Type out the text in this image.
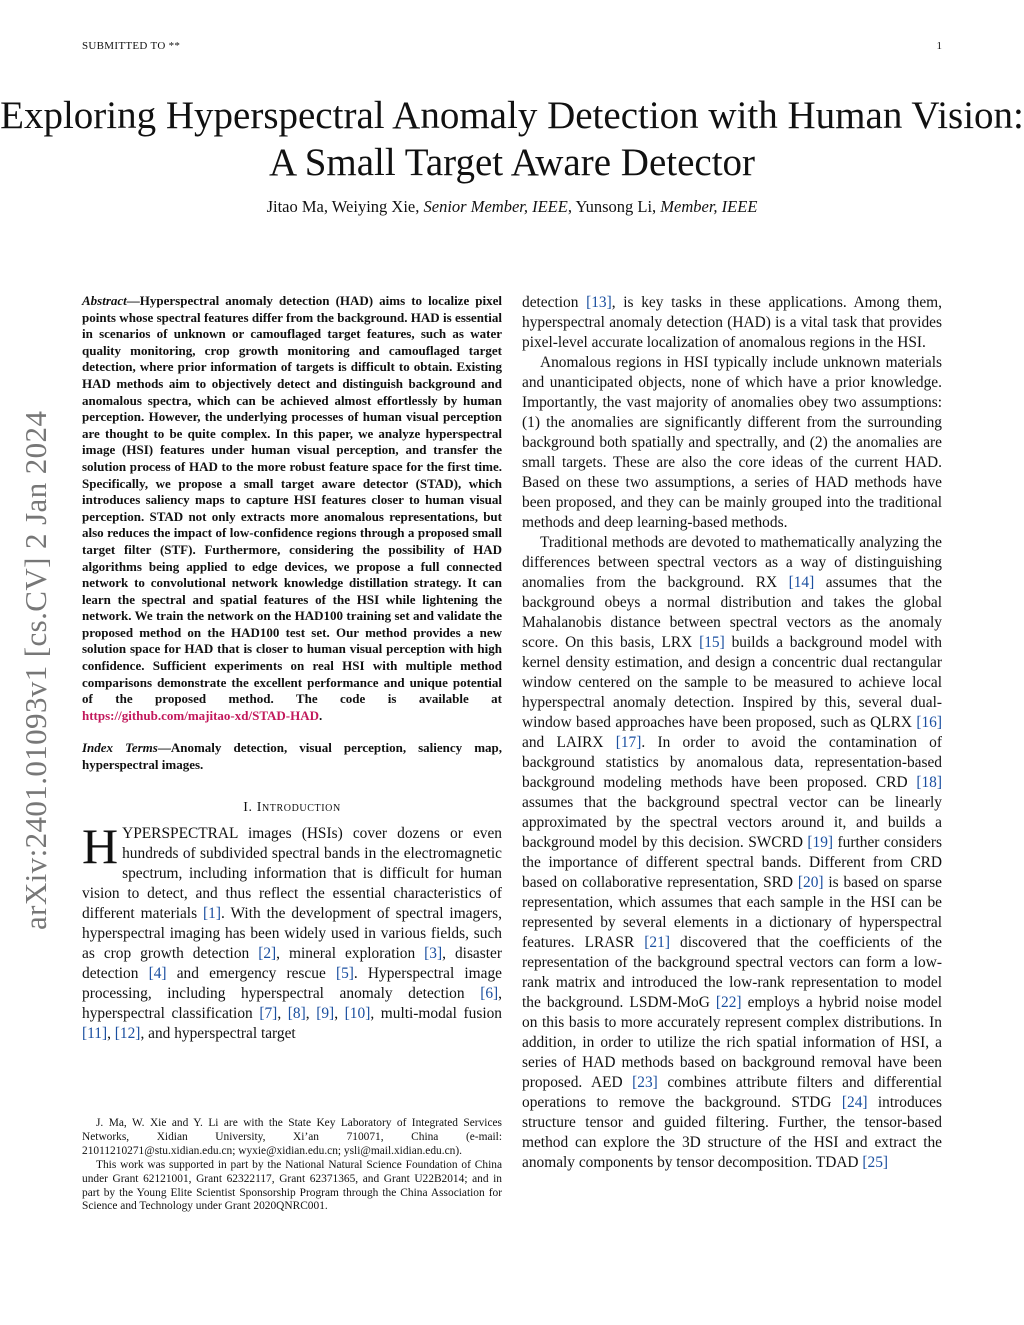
SUBMITTED TO **	1
Exploring Hyperspectral Anomaly Detection with Human Vision: A Small Target Aware Detector
Jitao Ma, Weiying Xie, Senior Member, IEEE, Yunsong Li, Member, IEEE
arXiv:2401.01093v1 [cs.CV] 2 Jan 2024

Abstract—Hyperspectral anomaly detection (HAD) aims to localize pixel points whose spectral features differ from the background. HAD is essential in scenarios of unknown or camouflaged target features, such as water quality monitoring, crop growth monitoring and camouflaged target detection, where prior information of targets is difficult to obtain. Existing HAD methods aim to objectively detect and distinguish background and anomalous spectra, which can be achieved almost effortlessly by human perception. However, the underlying processes of human visual perception are thought to be quite complex. In this paper, we analyze hyperspectral image (HSI) features under human visual perception, and transfer the solution process of HAD to the more robust feature space for the first time. Specifically, we propose a small target aware detector (STAD), which introduces saliency maps to capture HSI features closer to human visual perception. STAD not only extracts more anomalous representations, but also reduces the impact of low-confidence regions through a proposed small target filter (STF). Furthermore, considering the possibility of HAD algorithms being applied to edge devices, we propose a full connected network to convolutional network knowledge distillation strategy. It can learn the spectral and spatial features of the HSI while lightening the network. We train the network on the HAD100 training set and validate the proposed method on the HAD100 test set. Our method provides a new solution space for HAD that is closer to human visual perception with high confidence. Sufficient experiments on real HSI with multiple method comparisons demonstrate the excellent performance and unique potential of the proposed method. The code is available at https://github.com/majitao-xd/STAD-HAD.

Index Terms—Anomaly detection, visual perception, saliency map, hyperspectral images.

I. Introduction

HYPERSPECTRAL images (HSIs) cover dozens or even hundreds of subdivided spectral bands in the electromagnetic spectrum, including information that is difficult for human vision to detect, and thus reflect the essential characteristics of different materials [1]. With the development of spectral imagers, hyperspectral imaging has been widely used in various fields, such as crop growth detection [2], mineral exploration [3], disaster detection [4] and emergency rescue [5]. Hyperspectral image processing, including hyperspectral anomaly detection [6], hyperspectral classification [7], [8], [9], [10], multi-modal fusion [11], [12], and hyperspectral target

J. Ma, W. Xie and Y. Li are with the State Key Laboratory of Integrated Services Networks, Xidian University, Xi’an 710071, China (e-mail: 21011210271@stu.xidian.edu.cn; wyxie@xidian.edu.cn; ysli@mail.xidian.edu.cn).

This work was supported in part by the National Natural Science Foundation of China under Grant 62121001, Grant 62322117, Grant 62371365, and Grant U22B2014; and in part by the Young Elite Scientist Sponsorship Program through the China Association for Science and Technology under Grant 2020QNRC001.

detection [13], is key tasks in these applications. Among them, hyperspectral anomaly detection (HAD) is a vital task that provides pixel-level accurate localization of anomalous regions in the HSI.

Anomalous regions in HSI typically include unknown materials and unanticipated objects, none of which have a prior knowledge. Importantly, the vast majority of anomalies obey two assumptions: (1) the anomalies are significantly different from the surrounding background both spatially and spectrally, and (2) the anomalies are small targets. These are also the core ideas of the current HAD. Based on these two assumptions, a series of HAD methods have been proposed, and they can be mainly grouped into the traditional methods and deep learning-based methods.

Traditional methods are devoted to mathematically analyzing the differences between spectral vectors as a way of distinguishing anomalies from the background. RX [14] assumes that the background obeys a normal distribution and takes the global Mahalanobis distance between spectral vectors as the anomaly score. On this basis, LRX [15] builds a background model with kernel density estimation, and design a concentric dual rectangular window centered on the sample to be measured to achieve local hyperspectral anomaly detection. Inspired by this, several dual-window based approaches have been proposed, such as QLRX [16] and LAIRX [17]. In order to avoid the contamination of background statistics by anomalous data, representation-based background modeling methods have been proposed. CRD [18] assumes that the background spectral vector can be linearly approximated by the spectral vectors around it, and builds a background model by this decision. SWCRD [19] further considers the importance of different spectral bands. Different from CRD based on collaborative representation, SRD [20] is based on sparse representation, which assumes that each sample in the HSI can be represented by several elements in a dictionary of hyperspectral features. LRASR [21] discovered that the coefficients of the representation of the background spectral vectors can form a low-rank matrix and introduced the low-rank representation to model the background. LSDM-MoG [22] employs a hybrid noise model on this basis to more accurately represent complex distributions. In addition, in order to utilize the rich spatial information of HSI, a series of HAD methods based on background removal have been proposed. AED [23] combines attribute filters and differential operations to remove the background. STDG [24] introduces structure tensor and guided filtering. Further, the tensor-based method can explore the 3D structure of the HSI and extract the anomaly components by tensor decomposition. TDAD [25]
